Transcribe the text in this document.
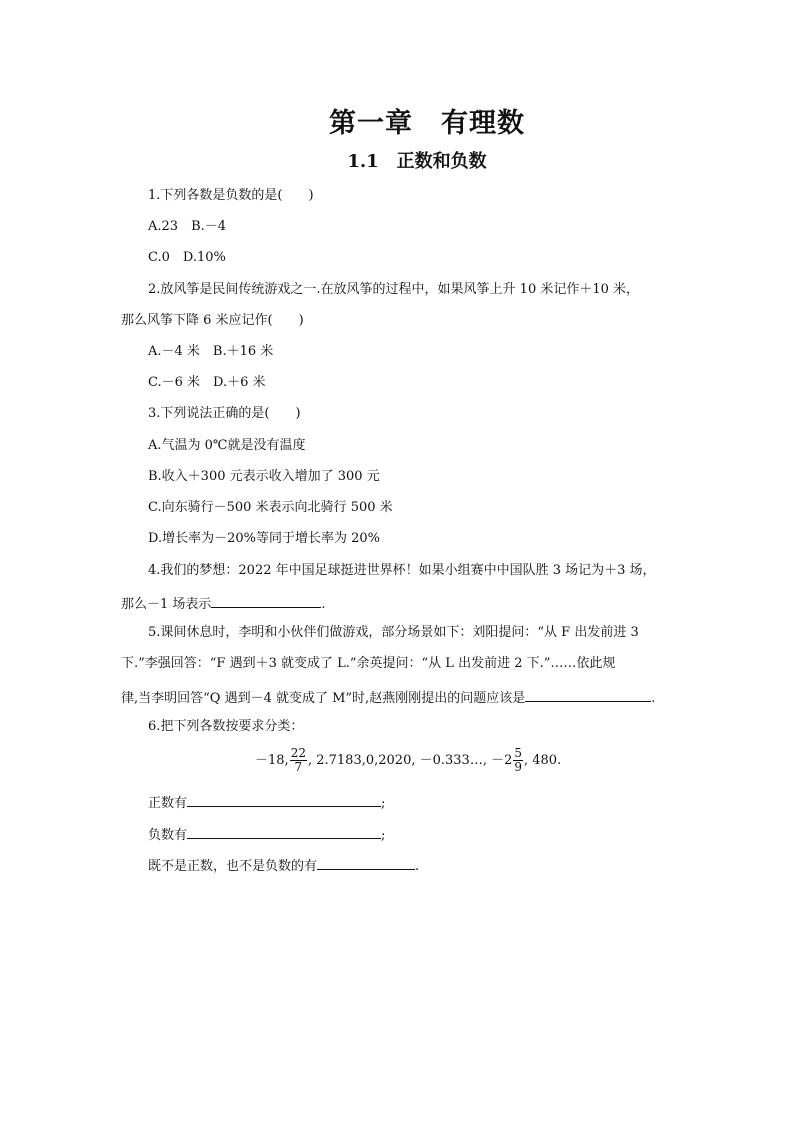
第一章　有理数
1.1　正数和负数
1.下列各数是负数的是(　　)
A.23　B.－4
C.0　D.10%
2.放风筝是民间传统游戏之一.在放风筝的过程中，如果风筝上升 10 米记作＋10 米，
那么风筝下降 6 米应记作(　　)
A.－4 米　B.＋16 米
C.－6 米　D.＋6 米
3.下列说法正确的是(　　)
A.气温为 0℃就是没有温度
B.收入＋300 元表示收入增加了 300 元
C.向东骑行－500 米表示向北骑行 500 米
D.增长率为－20%等同于增长率为 20%
4.我们的梦想：2022 年中国足球挺进世界杯！如果小组赛中中国队胜 3 场记为＋3 场，
那么－1 场表示	.
5.课间休息时，李明和小伙伴们做游戏，部分场景如下：刘阳提问：“从 F 出发前进 3
下.”李强回答：“F 遇到＋3 就变成了 L.”余英提问：“从 L 出发前进 2 下.”……依此规
律,当李明回答“Q 遇到－4 就变成了 M”时,赵燕刚刚提出的问题应该是	.
6.把下列各数按要求分类：
－18, $\frac{22}{7}$ , 2.7183,0,2020, －0.333…, $-2 \frac{5}{9}$ , 480.
正数有	;
负数有	;
既不是正数，也不是负数的有	.
